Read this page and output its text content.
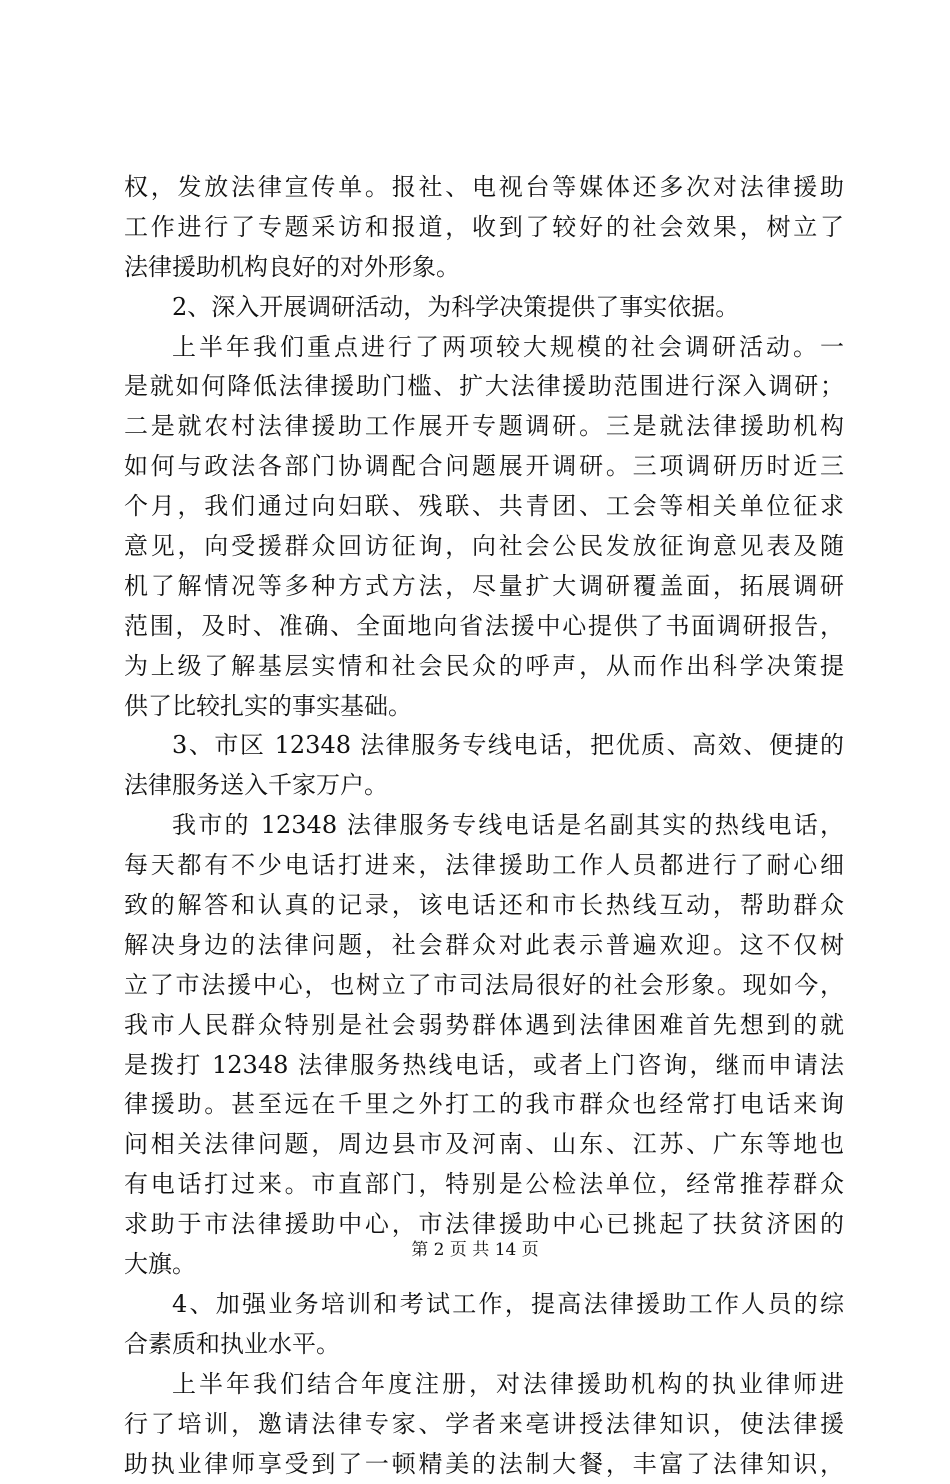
权，发放法律宣传单。报社、电视台等媒体还多次对法律援助
工作进行了专题采访和报道，收到了较好的社会效果，树立了
法律援助机构良好的对外形象。
2、深入开展调研活动，为科学决策提供了事实依据。
上半年我们重点进行了两项较大规模的社会调研活动。一
是就如何降低法律援助门槛、扩大法律援助范围进行深入调研；
二是就农村法律援助工作展开专题调研。三是就法律援助机构
如何与政法各部门协调配合问题展开调研。三项调研历时近三
个月，我们通过向妇联、残联、共青团、工会等相关单位征求
意见，向受援群众回访征询，向社会公民发放征询意见表及随
机了解情况等多种方式方法，尽量扩大调研覆盖面，拓展调研
范围，及时、准确、全面地向省法援中心提供了书面调研报告，
为上级了解基层实情和社会民众的呼声，从而作出科学决策提
供了比较扎实的事实基础。
3、市区 12348 法律服务专线电话，把优质、高效、便捷的
法律服务送入千家万户。
我市的 12348 法律服务专线电话是名副其实的热线电话，
每天都有不少电话打进来，法律援助工作人员都进行了耐心细
致的解答和认真的记录，该电话还和市长热线互动，帮助群众
解决身边的法律问题，社会群众对此表示普遍欢迎。这不仅树
立了市法援中心，也树立了市司法局很好的社会形象。现如今，
我市人民群众特别是社会弱势群体遇到法律困难首先想到的就
是拨打 12348 法律服务热线电话，或者上门咨询，继而申请法
律援助。甚至远在千里之外打工的我市群众也经常打电话来询
问相关法律问题，周边县市及河南、山东、江苏、广东等地也
有电话打过来。市直部门，特别是公检法单位，经常推荐群众
求助于市法律援助中心，市法律援助中心已挑起了扶贫济困的
大旗。
4、加强业务培训和考试工作，提高法律援助工作人员的综
合素质和执业水平。
上半年我们结合年度注册，对法律援助机构的执业律师进
行了培训，邀请法律专家、学者来亳讲授法律知识，使法律援
助执业律师享受到了一顿精美的法制大餐，丰富了法律知识，
第 2 页 共 14 页
